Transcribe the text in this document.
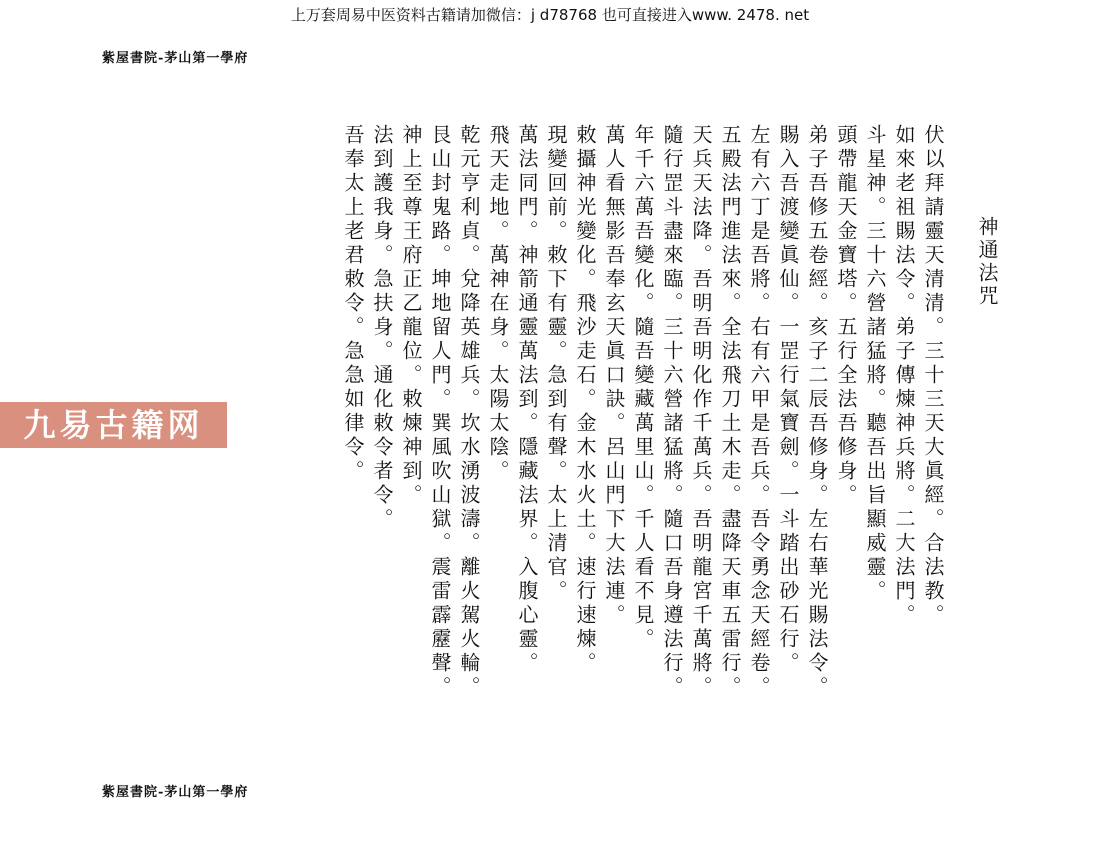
上万套周易中医资料古籍请加微信：j d78768 也可直接进入www. 2478. net
紫屋書院-茅山第一學府
九易古籍网
神通法咒

伏以拜請靈天清清。三十三天大眞經。合法教。

如來老祖賜法令。弟子傳煉神兵將。二大法門。

斗星神。三十六營諸猛將。聽吾出旨顯威靈。

頭帶龍天金寶塔。五行全法吾修身。

弟子吾修五卷經。亥子二辰吾修身。左右華光賜法令。

賜入吾渡變眞仙。一罡行氣寶劍。一斗踏出砂石行。

左有六丁是吾將。右有六甲是吾兵。吾令勇念天經卷。

五殿法門進法來。全法飛刀土木走。盡降天車五雷行。

天兵天法降。吾明吾明化作千萬兵。吾明龍宮千萬將。

隨行罡斗盡來臨。三十六營諸猛將。隨口吾身遵法行。

年千六萬吾變化。隨吾變藏萬里山。千人看不見。

萬人看無影吾奉玄天眞口訣。呂山門下大法連。

敕攝神光變化。飛沙走石。金木水火土。速行速煉。

現變回前。敕下有靈。急到有聲。太上清官。

萬法同門。神箭通靈萬法到。隱藏法界。入腹心靈。

飛天走地。萬神在身。太陽太陰。

乾元亨利貞。兌降英雄兵。坎水湧波濤。離火駕火輪。

艮山封鬼路。坤地留人門。巽風吹山獄。震雷霹靂聲。

神上至尊王府正乙龍位。敕煉神到。

法到護我身。急扶身。通化敕令者令。

吾奉太上老君敕令。急急如律令。

紫屋書院-茅山第一學府
